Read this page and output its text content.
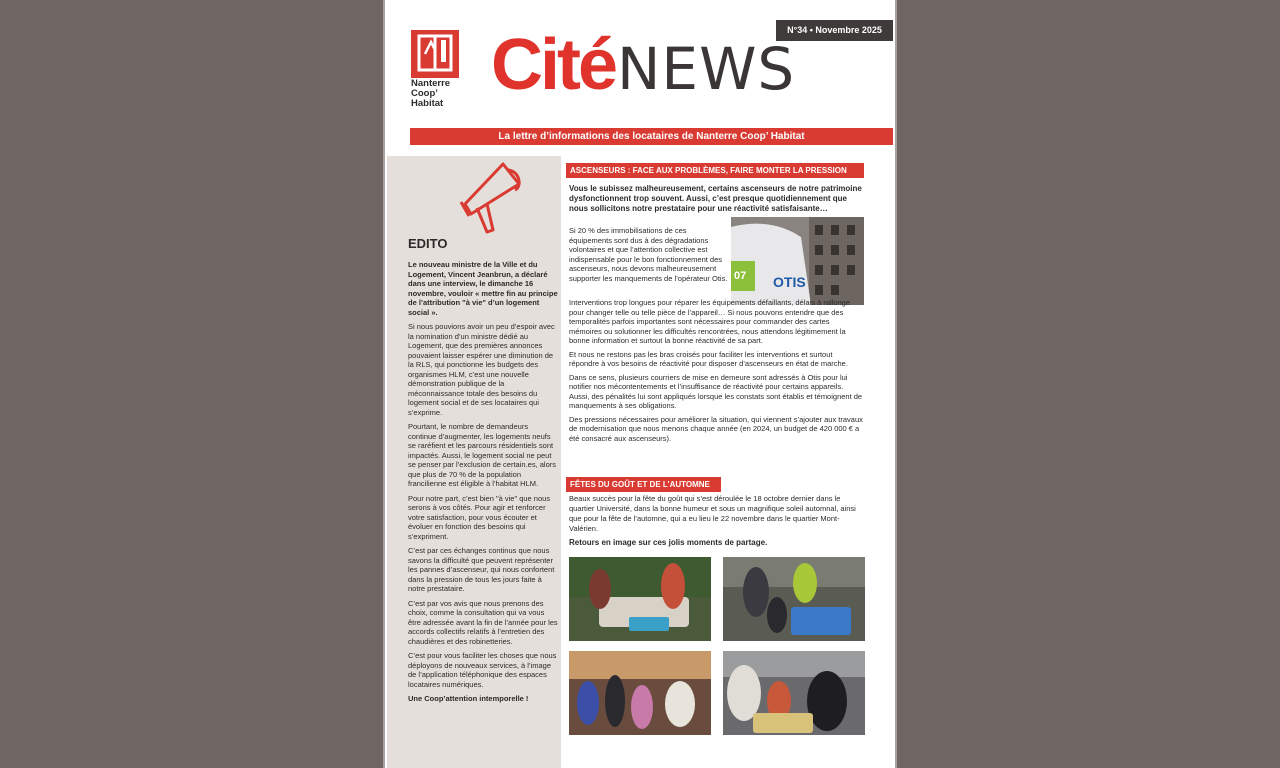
N°34 • Novembre 2025
Nanterre
Coop’
Habitat CitéNEWS
La lettre d’informations des locataires de Nanterre Coop’ Habitat
EDITO

Le nouveau ministre de la Ville et du Logement, Vincent Jeanbrun, a déclaré dans une interview, le dimanche 16 novembre, vouloir « mettre fin au principe de l’attribution "à vie" d’un logement social ».

Si nous pouvions avoir un peu d’espoir avec la nomination d’un ministre dédié au Logement, que des premières annonces pouvaient laisser espérer une diminution de la RLS, qui ponctionne les budgets des organismes HLM, c’est une nouvelle démonstration publique de la méconnaissance totale des besoins du logement social et de ses locataires qui s’exprime.

Pourtant, le nombre de demandeurs continue d’augmenter, les logements neufs se raréfient et les parcours résidentiels sont impactés. Aussi, le logement social ne peut se penser par l’exclusion de certain.es, alors que plus de 70 % de la population francilienne est éligible à l’habitat HLM.

Pour notre part, c’est bien "à vie" que nous serons à vos côtés. Pour agir et renforcer votre satisfaction, pour vous écouter et évoluer en fonction des besoins qui s’expriment.

C’est par ces échanges continus que nous savons la difficulté que peuvent représenter les pannes d’ascenseur, qui nous confortent dans la pression de tous les jours faite à notre prestataire.

C’est par vos avis que nous prenons des choix, comme la consultation qui va vous être adressée avant la fin de l’année pour les accords collectifs relatifs à l’entretien des chaudières et des robinetteries.

C’est pour vous faciliter les choses que nous déployons de nouveaux services, à l’image de l’application téléphonique des espaces locataires numériques.

Une Coop’attention intemporelle !

ASCENSEURS : FACE AUX PROBLÈMES, FAIRE MONTER LA PRESSION
Vous le subissez malheureusement, certains ascenseurs de notre patrimoine dysfonctionnent trop souvent. Aussi, c’est presque quotidiennement que nous sollicitons notre prestataire pour une réactivité satisfaisante…
07 OTIS

Si 20 % des immobilisations de ces équipements sont dus à des dégradations volontaires et que l’attention collective est indispensable pour le bon fonctionnement des ascenseurs, nous devons malheureusement supporter les manquements de l’opérateur Otis.

Interventions trop longues pour réparer les équipements défaillants, délais à rallonge pour changer telle ou telle pièce de l’appareil… Si nous pouvons entendre que des temporalités parfois importantes sont nécessaires pour commander des cartes mémoires ou solutionner les difficultés rencontrées, nous attendons légitimement la bonne information et surtout la bonne réactivité de sa part.

Et nous ne restons pas les bras croisés pour faciliter les interventions et surtout répondre à vos besoins de réactivité pour disposer d’ascenseurs en état de marche.

Dans ce sens, plusieurs courriers de mise en demeure sont adressés à Otis pour lui notifier nos mécontentements et l’insuffisance de réactivité pour certains appareils. Aussi, des pénalités lui sont appliqués lorsque les constats sont établis et témoignent de manquements à ses obligations.

Des pressions nécessaires pour améliorer la situation, qui viennent s’ajouter aux travaux de modernisation que nous menons chaque année (en 2024, un budget de 420 000 € a été consacré aux ascenseurs).

FÊTES DU GOÛT ET DE L’AUTOMNE
Beaux succès pour la fête du goût qui s’est déroulée le 18 octobre dernier dans le quartier Université, dans la bonne humeur et sous un magnifique soleil automnal, ainsi que pour la fête de l’automne, qui a eu lieu le 22 novembre dans le quartier Mont-Valérien.
Retours en image sur ces jolis moments de partage.
